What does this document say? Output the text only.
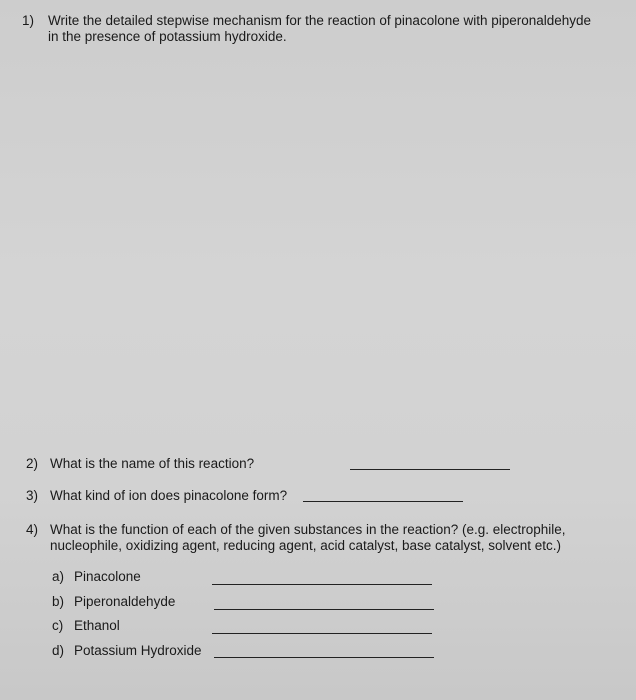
1) Write the detailed stepwise mechanism for the reaction of pinacolone with piperonaldehyde
in the presence of potassium hydroxide.
2) What is the name of this reaction?
3) What kind of ion does pinacolone form?
4) What is the function of each of the given substances in the reaction? (e.g. electrophile,
nucleophile, oxidizing agent, reducing agent, acid catalyst, base catalyst, solvent etc.)
a) Pinacolone
b) Piperonaldehyde
c) Ethanol
d) Potassium Hydroxide
